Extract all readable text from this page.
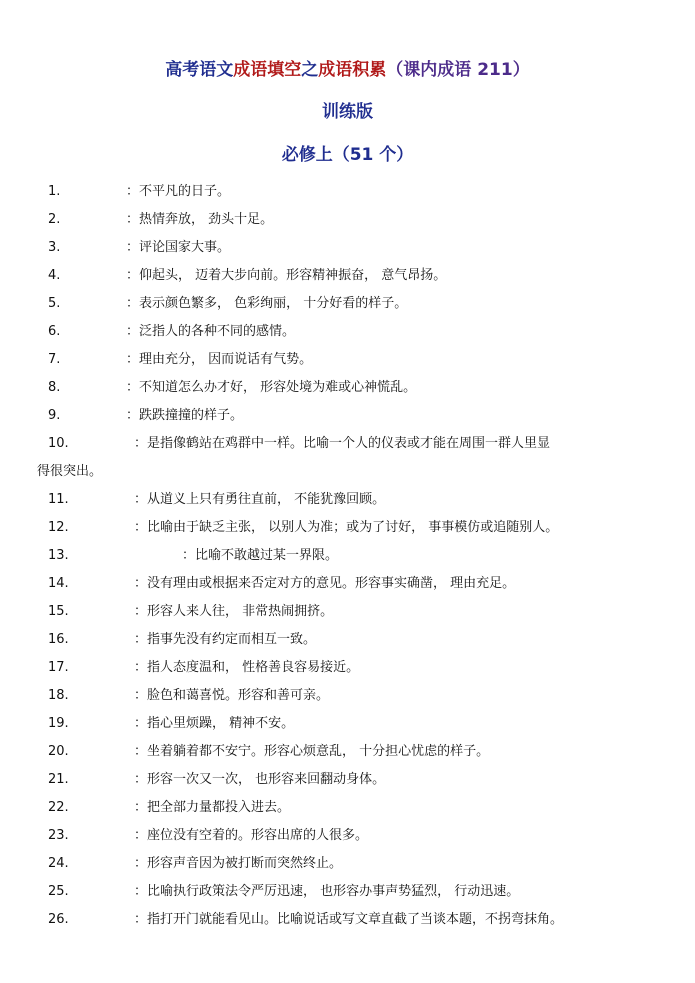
高考语文成语填空之成语积累（课内成语 211）
训练版
必修上（51 个）
1.	：不平凡的日子。
2.	：热情奔放， 劲头十足。
3.	：评论国家大事。
4.	：仰起头， 迈着大步向前。形容精神振奋， 意气昂扬。
5.	：表示颜色繁多， 色彩绚丽， 十分好看的样子。
6.	：泛指人的各种不同的感情。
7.	：理由充分， 因而说话有气势。
8.	：不知道怎么办才好， 形容处境为难或心神慌乱。
9.	：跌跌撞撞的样子。
10.	：是指像鹤站在鸡群中一样。比喻一个人的仪表或才能在周围一群人里显
得很突出。
11.	：从道义上只有勇往直前， 不能犹豫回顾。
12.	：比喻由于缺乏主张， 以别人为准；或为了讨好， 事事模仿或追随别人。
13.	：比喻不敢越过某一界限。
14.	：没有理由或根据来否定对方的意见。形容事实确凿， 理由充足。
15.	：形容人来人往， 非常热闹拥挤。
16.	：指事先没有约定而相互一致。
17.	：指人态度温和， 性格善良容易接近。
18.	：脸色和蔼喜悦。形容和善可亲。
19.	：指心里烦躁， 精神不安。
20.	：坐着躺着都不安宁。形容心烦意乱， 十分担心忧虑的样子。
21.	：形容一次又一次， 也形容来回翻动身体。
22.	：把全部力量都投入进去。
23.	：座位没有空着的。形容出席的人很多。
24.	：形容声音因为被打断而突然终止。
25.	：比喻执行政策法令严厉迅速， 也形容办事声势猛烈， 行动迅速。
26.	：指打开门就能看见山。比喻说话或写文章直截了当谈本题，不拐弯抹角。
